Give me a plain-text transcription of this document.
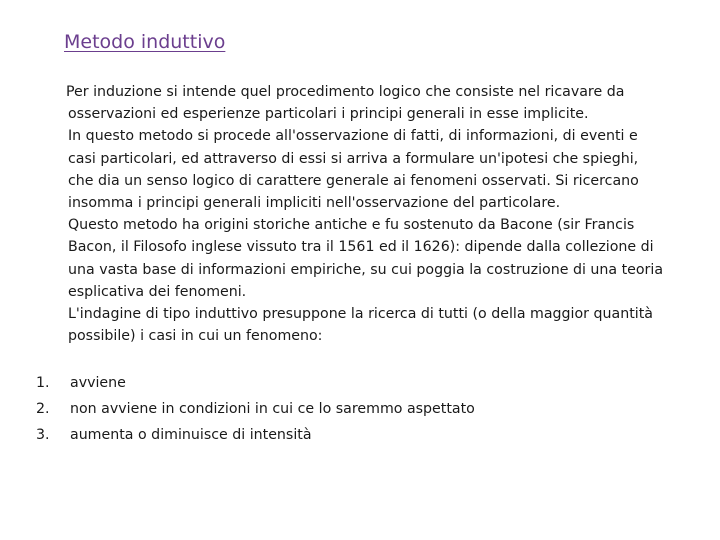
Metodo induttivo
Per induzione si intende quel procedimento logico che consiste nel ricavare da
osservazioni ed esperienze particolari i principi generali in esse implicite.
In questo metodo si procede all'osservazione di fatti, di informazioni, di eventi e
casi particolari, ed attraverso di essi si arriva a formulare un'ipotesi che spieghi,
che dia un senso logico di carattere generale ai fenomeni osservati. Si ricercano
insomma i principi generali impliciti nell'osservazione del particolare.
Questo metodo ha origini storiche antiche e fu sostenuto da Bacone (sir Francis
Bacon, il Filosofo inglese vissuto tra il 1561 ed il 1626): dipende dalla collezione di
una vasta base di informazioni empiriche, su cui poggia la costruzione di una teoria
esplicativa dei fenomeni.
L'indagine di tipo induttivo presuppone la ricerca di tutti (o della maggior quantità
possibile) i casi in cui un fenomeno:
1.	avviene
2.	non avviene in condizioni in cui ce lo saremmo aspettato
3.	aumenta o diminuisce di intensità
